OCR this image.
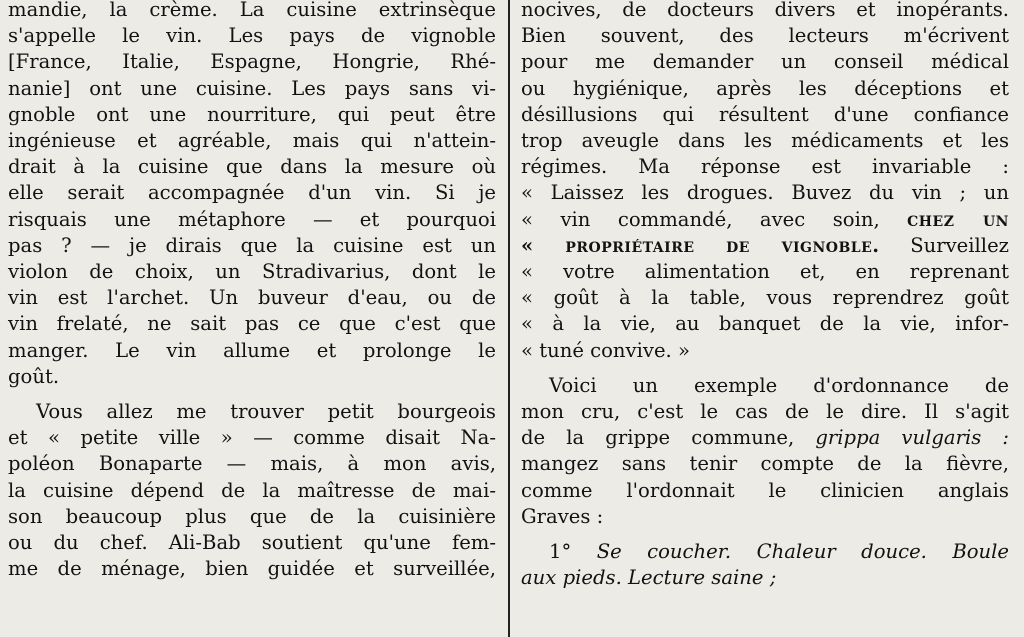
mandie, la crème. La cuisine extrinsèque
s'appelle le vin. Les pays de vignoble
[France, Italie, Espagne, Hongrie, Rhé-
nanie] ont une cuisine. Les pays sans vi-
gnoble ont une nourriture, qui peut être
ingénieuse et agréable, mais qui n'attein-
drait à la cuisine que dans la mesure où
elle serait accompagnée d'un vin. Si je
risquais une métaphore — et pourquoi
pas ? — je dirais que la cuisine est un
violon de choix, un Stradivarius, dont le
vin est l'archet. Un buveur d'eau, ou de
vin frelaté, ne sait pas ce que c'est que
manger. Le vin allume et prolonge le
goût.
Vous allez me trouver petit bourgeois
et « petite ville » — comme disait Na-
poléon Bonaparte — mais, à mon avis,
la cuisine dépend de la maîtresse de mai-
son beaucoup plus que de la cuisinière
ou du chef. Ali-Bab soutient qu'une fem-
me de ménage, bien guidée et surveillée,
nocives, de docteurs divers et inopérants.
Bien souvent, des lecteurs m'écrivent
pour me demander un conseil médical
ou hygiénique, après les déceptions et
désillusions qui résultent d'une confiance
trop aveugle dans les médicaments et les
régimes. Ma réponse est invariable :
« Laissez les drogues. Buvez du vin ; un
« vin commandé, avec soin, chez un
« propriétaire de vignoble. Surveillez
« votre alimentation et, en reprenant
« goût à la table, vous reprendrez goût
« à la vie, au banquet de la vie, infor-
« tuné convive. »
Voici un exemple d'ordonnance de
mon cru, c'est le cas de le dire. Il s'agit
de la grippe commune, grippa vulgaris :
mangez sans tenir compte de la fièvre,
comme l'ordonnait le clinicien anglais
Graves :
1° Se coucher. Chaleur douce. Boule
aux pieds. Lecture saine ;
